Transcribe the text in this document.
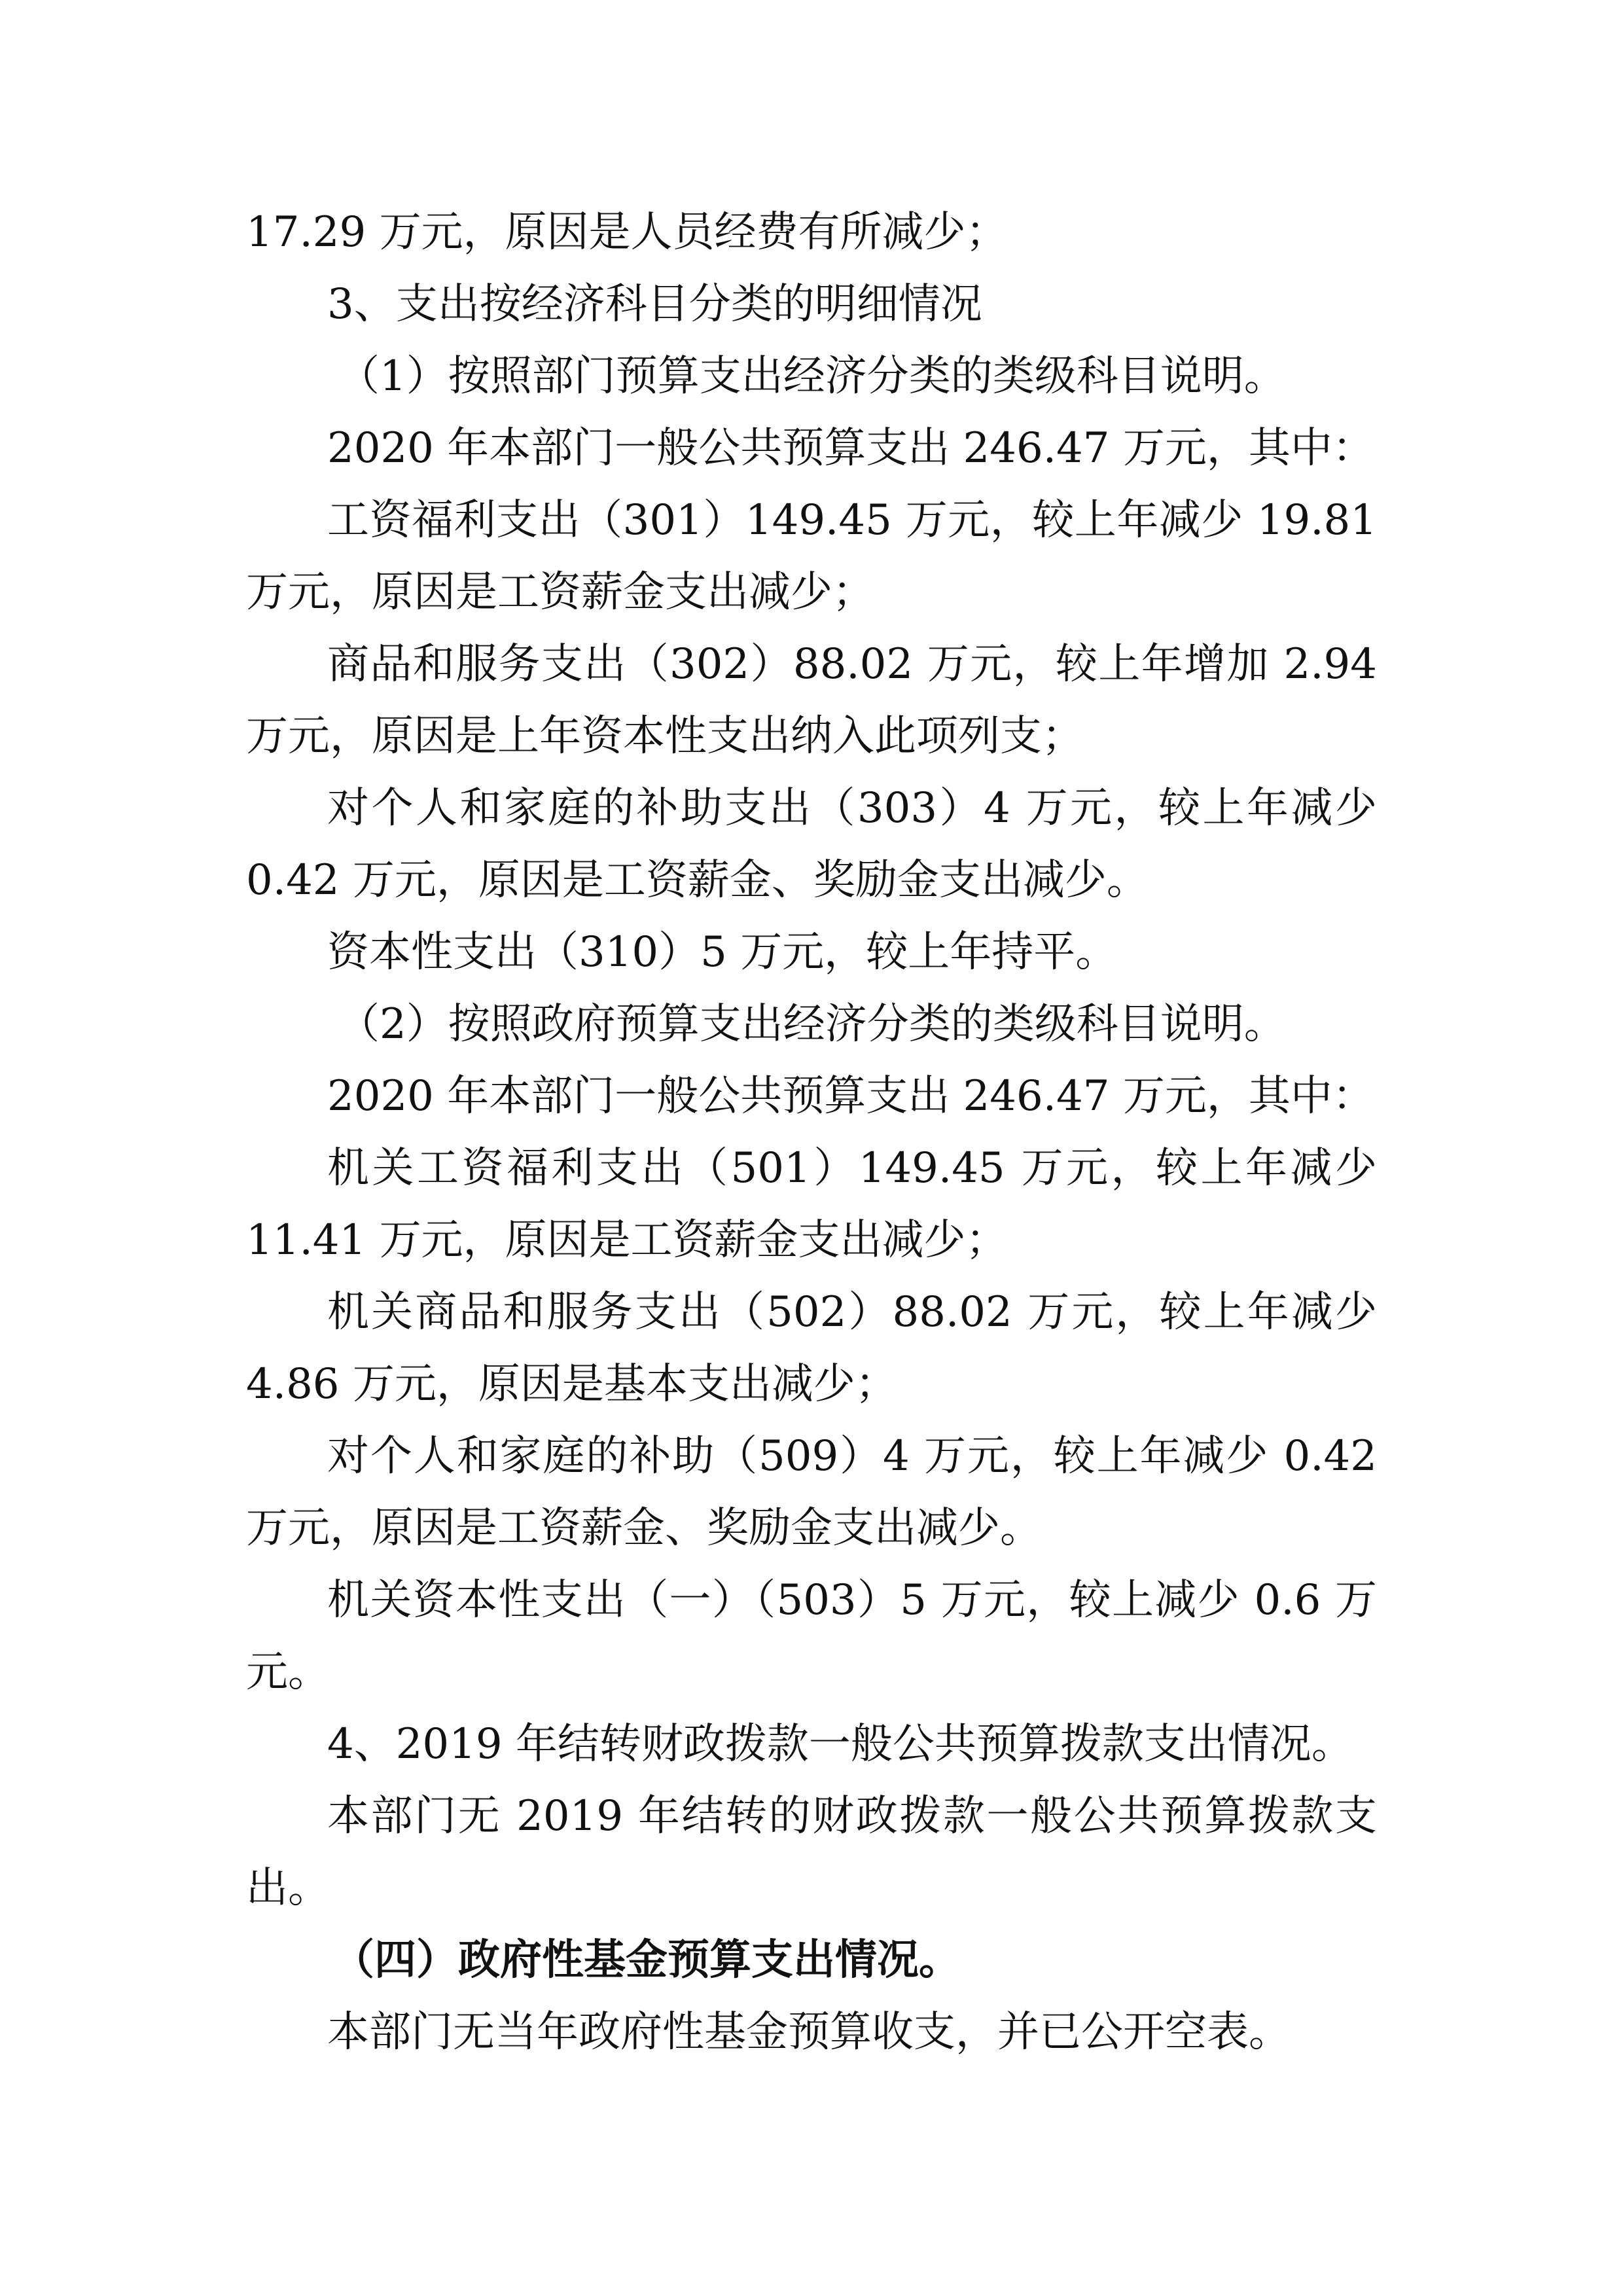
17.29 万元，原因是人员经费有所减少；
3、支出按经济科目分类的明细情况
（1）按照部门预算支出经济分类的类级科目说明。
2020 年本部门一般公共预算支出 246.47 万元，其中：
工资福利支出（301）149.45 万元，较上年减少 19.81
万元，原因是工资薪金支出减少；
商品和服务支出（302）88.02 万元，较上年增加 2.94
万元，原因是上年资本性支出纳入此项列支；
对个人和家庭的补助支出（303）4 万元，较上年减少
0.42 万元，原因是工资薪金、奖励金支出减少。
资本性支出（310）5 万元，较上年持平。
（2）按照政府预算支出经济分类的类级科目说明。
2020 年本部门一般公共预算支出 246.47 万元，其中：
机关工资福利支出（501）149.45 万元，较上年减少
11.41 万元，原因是工资薪金支出减少；
机关商品和服务支出（502）88.02 万元，较上年减少
4.86 万元，原因是基本支出减少；
对个人和家庭的补助（509）4 万元，较上年减少 0.42
万元，原因是工资薪金、奖励金支出减少。
机关资本性支出（一）（503）5 万元，较上减少 0.6 万
元。
4、2019 年结转财政拨款一般公共预算拨款支出情况。
本部门无 2019 年结转的财政拨款一般公共预算拨款支
出。
（四）政府性基金预算支出情况。
本部门无当年政府性基金预算收支，并已公开空表。
